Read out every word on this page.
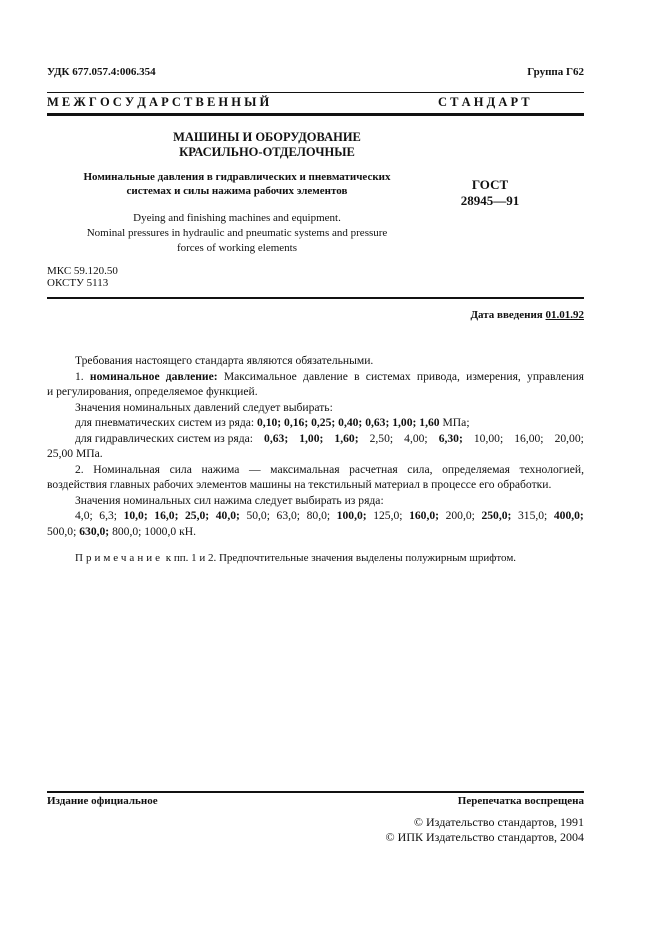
УДК 677.057.4:006.354	Группа Г62
М Е Ж Г О С У Д А Р С Т В Е Н Н Ы Й	С Т А Н Д А Р Т
МАШИНЫ И ОБОРУДОВАНИЕ
КРАСИЛЬНО-ОТДЕЛОЧНЫЕ
Номинальные давления в гидравлических и пневматических
системах и силы нажима рабочих элементов
Dyeing and finishing machines and equipment.
Nominal pressures in hydraulic and pneumatic systems and pressure
forces of working elements
ГОСТ
28945—91
МКС 59.120.50
ОКСТУ 5113
Дата введения 01.01.92
Требования настоящего стандарта являются обязательными.
1. номинальное давление: Максимальное давление в системах привода, измерения, управления
и регулирования, определяемое функцией.
Значения номинальных давлений следует выбирать:
для пневматических систем из ряда: 0,10; 0,16; 0,25; 0,40; 0,63; 1,00; 1,60 МПа;
для гидравлических систем из ряда: 0,63; 1,00; 1,60; 2,50; 4,00; 6,30; 10,00; 16,00; 20,00;
25,00 МПа.
2. Номинальная сила нажима — максимальная расчетная сила, определяемая технологией,
воздействия главных рабочих элементов машины на текстильный материал в процессе его обработки.
Значения номинальных сил нажима следует выбирать из ряда:
4,0; 6,3; 10,0; 16,0; 25,0; 40,0; 50,0; 63,0; 80,0; 100,0; 125,0; 160,0; 200,0; 250,0; 315,0; 400,0;
500,0; 630,0; 800,0; 1000,0 кН.
Примечание к пп. 1 и 2. Предпочтительные значения выделены полужирным шрифтом.
Издание официальное	Перепечатка воспрещена
© Издательство стандартов, 1991
© ИПК Издательство стандартов, 2004
